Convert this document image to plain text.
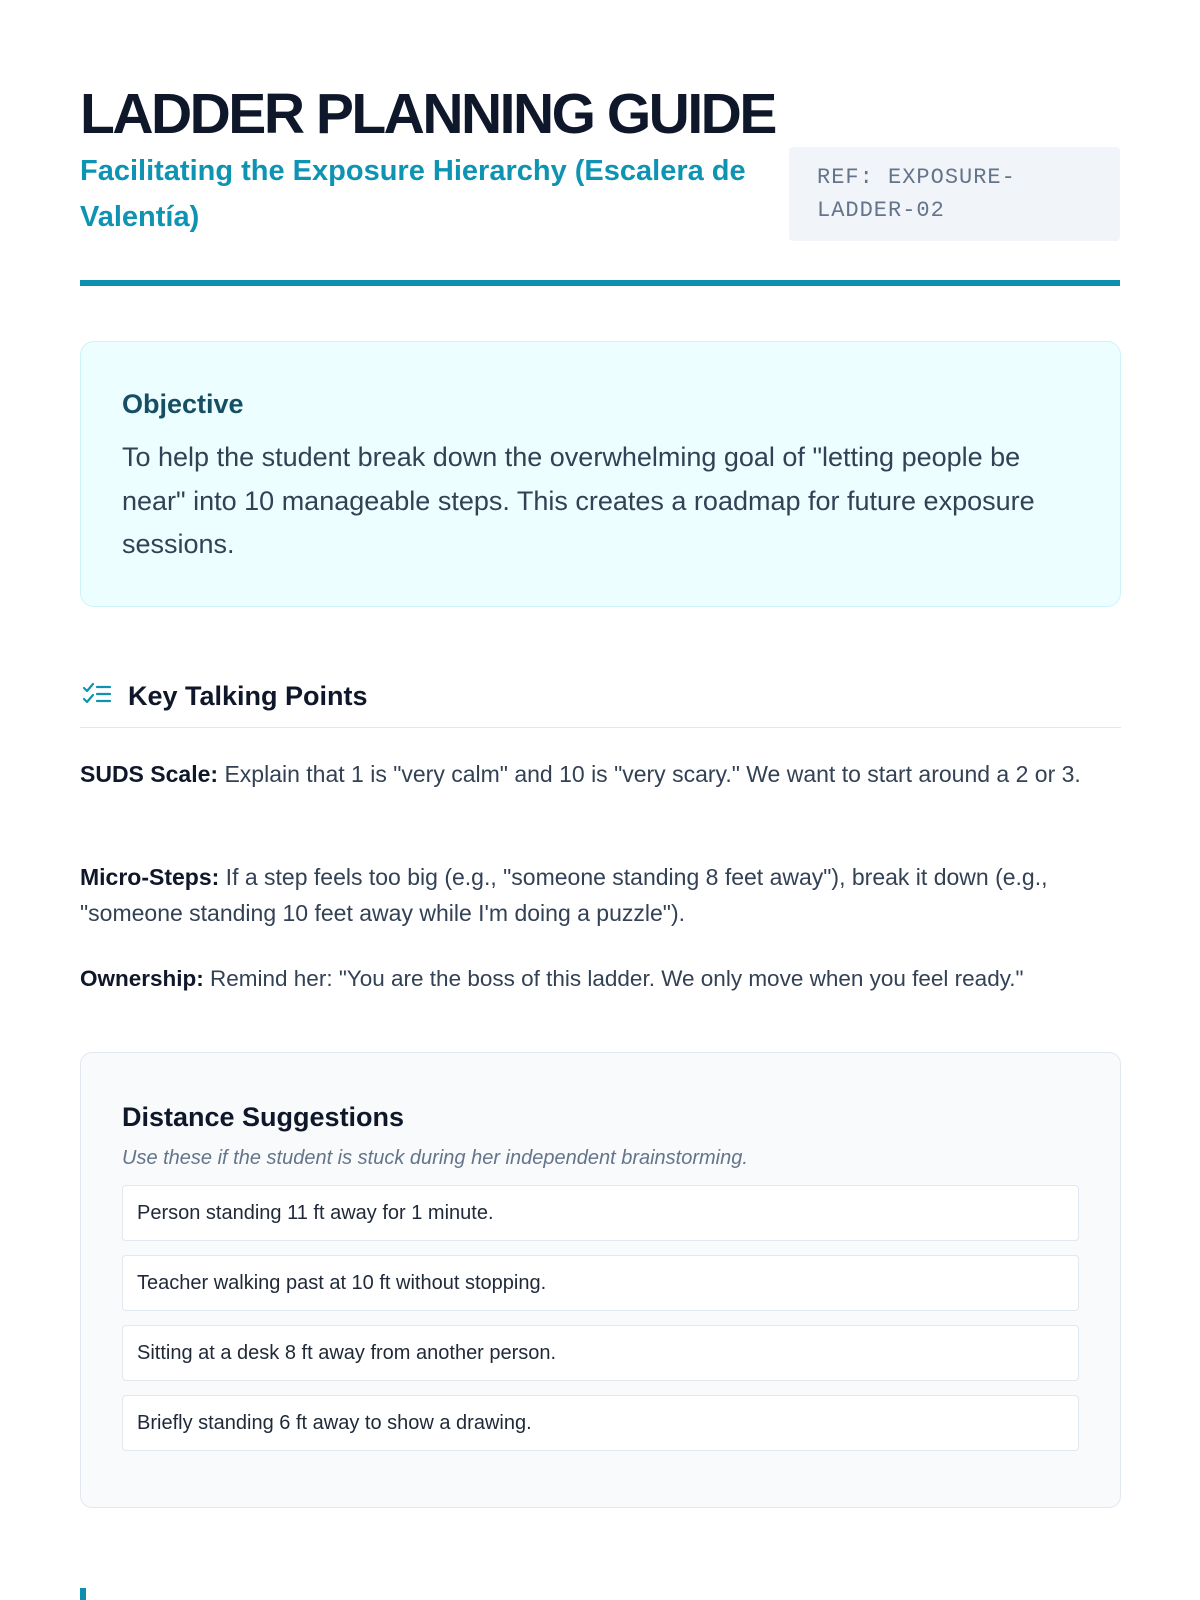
LADDER PLANNING GUIDE
Facilitating the Exposure Hierarchy (Escalera de Valentía)
REF: EXPOSURE-LADDER-02
Objective

To help the student break down the overwhelming goal of "letting people be near" into 10 manageable steps. This creates a roadmap for future exposure sessions.

Key Talking Points

SUDS Scale: Explain that 1 is "very calm" and 10 is "very scary." We want to start around a 2 or 3.

Micro-Steps: If a step feels too big (e.g., "someone standing 8 feet away"), break it down (e.g., "someone standing 10 feet away while I'm doing a puzzle").

Ownership: Remind her: "You are the boss of this ladder. We only move when you feel ready."

Distance Suggestions
Use these if the student is stuck during her independent brainstorming.
Person standing 11 ft away for 1 minute.
Teacher walking past at 10 ft without stopping.
Sitting at a desk 8 ft away from another person.
Briefly standing 6 ft away to show a drawing.
